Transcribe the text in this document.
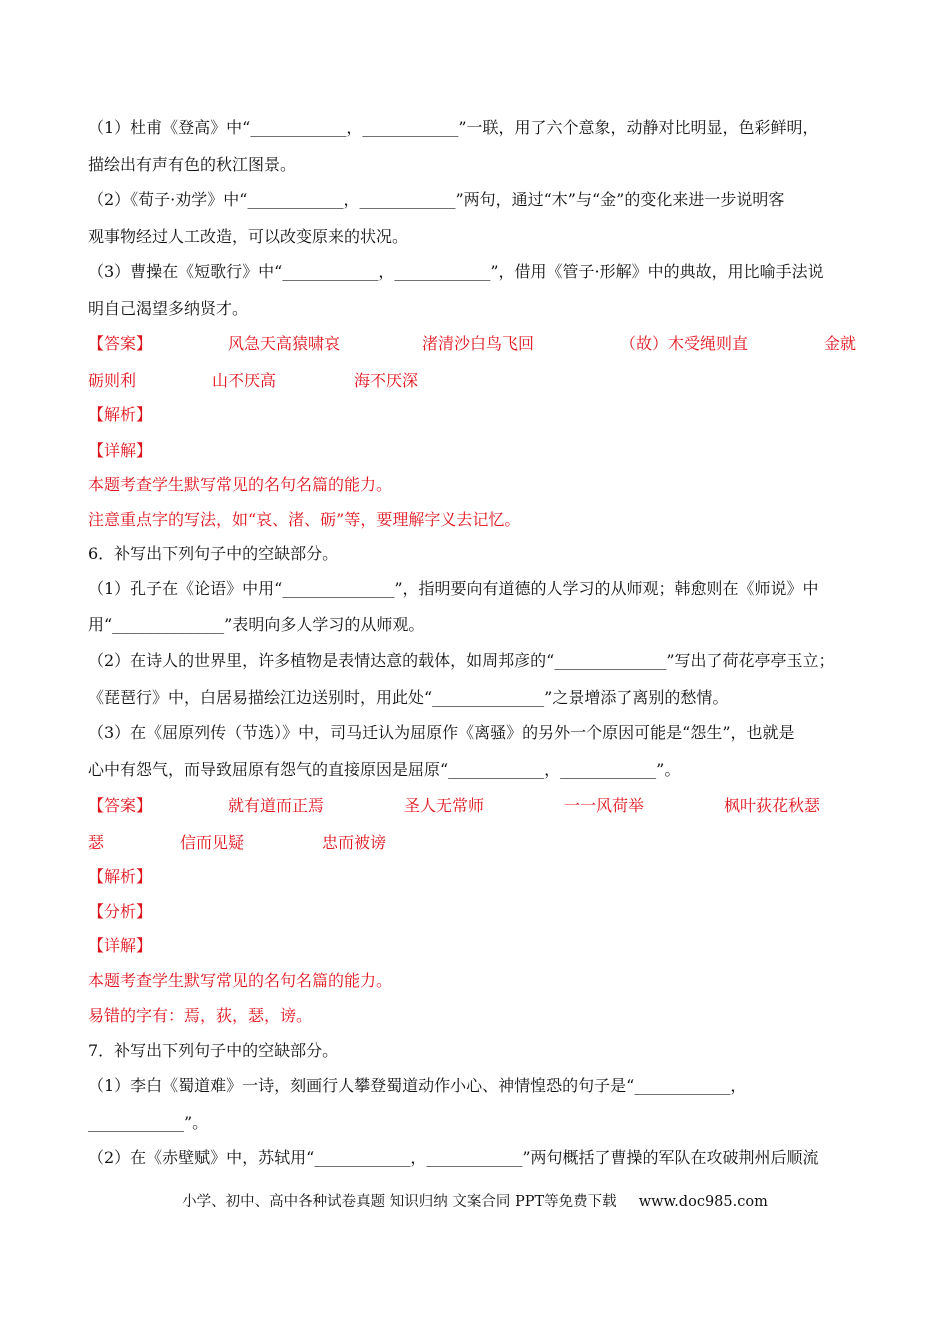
（1）杜甫《登高》中“____________，____________”一联，用了六个意象，动静对比明显，色彩鲜明，
描绘出有声有色的秋江图景。
（2）《荀子·劝学》中“____________，____________”两句，通过“木”与“金”的变化来进一步说明客
观事物经过人工改造，可以改变原来的状况。
（3）曹操在《短歌行》中“____________，____________”，借用《管子·形解》中的典故，用比喻手法说
明自己渴望多纳贤才。
【答案】	风急天高猿啸哀	渚清沙白鸟飞回	（故）木受绳则直	金就
砺则利	山不厌高	海不厌深
【解析】
【详解】
本题考查学生默写常见的名句名篇的能力。
注意重点字的写法，如“哀、渚、砺”等，要理解字义去记忆。
6．补写出下列句子中的空缺部分。
（1）孔子在《论语》中用“______________”，指明要向有道德的人学习的从师观；韩愈则在《师说》中
用“______________”表明向多人学习的从师观。
（2）在诗人的世界里，许多植物是表情达意的载体，如周邦彦的“______________”写出了荷花亭亭玉立；
《琵琶行》中，白居易描绘江边送别时，用此处“______________”之景增添了离别的愁情。
（3）在《屈原列传（节选）》中，司马迁认为屈原作《离骚》的另外一个原因可能是“怨生”，也就是
心中有怨气，而导致屈原有怨气的直接原因是屈原“____________，____________”。
【答案】	就有道而正焉	圣人无常师	一一风荷举	枫叶荻花秋瑟
瑟	信而见疑	忠而被谤
【解析】
【分析】
【详解】
本题考查学生默写常见的名句名篇的能力。
易错的字有：焉，荻，瑟，谤。
7．补写出下列句子中的空缺部分。
（1）李白《蜀道难》一诗，刻画行人攀登蜀道动作小心、神情惶恐的句子是“____________，
____________”。
（2）在《赤壁赋》中，苏轼用“____________，____________”两句概括了曹操的军队在攻破荆州后顺流
小学、初中、高中各种试卷真题 知识归纳 文案合同 PPT等免费下载 www.doc985.com
